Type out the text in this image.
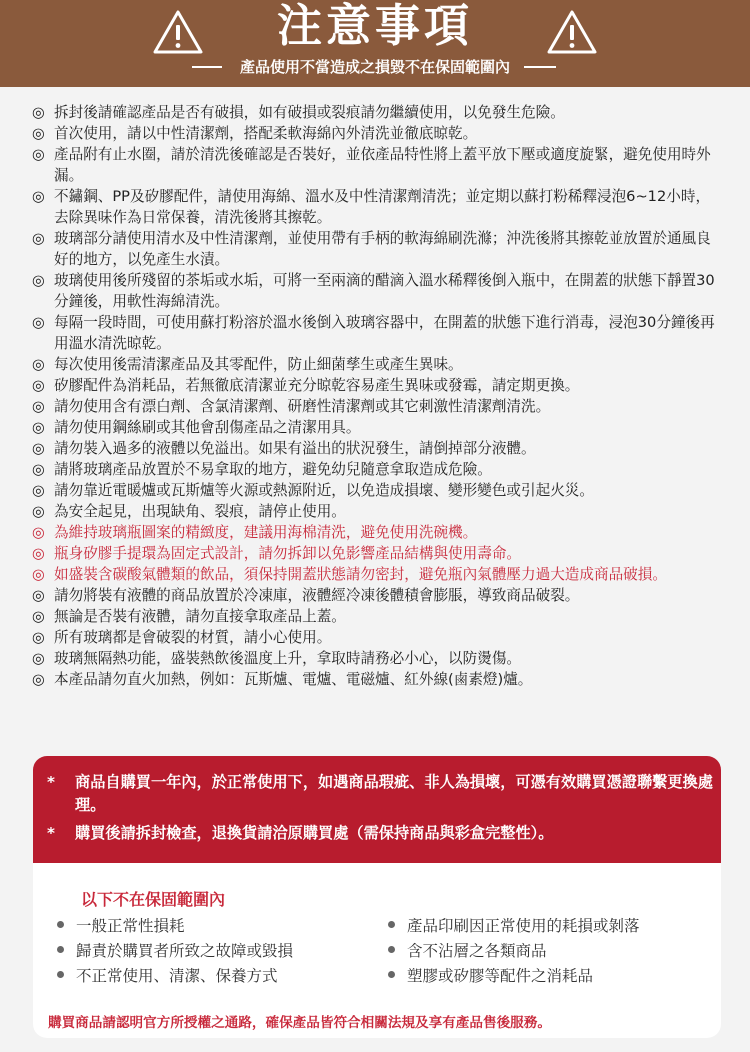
注意事項
產品使用不當造成之損毀不在保固範圍內

◎ 拆封後請確認產品是否有破損，如有破損或裂痕請勿繼續使用，以免發生危險。

◎ 首次使用，請以中性清潔劑，搭配柔軟海綿內外清洗並徹底晾乾。

◎ 產品附有止水圈，請於清洗後確認是否裝好，並依產品特性將上蓋平放下壓或適度旋緊，避免使用時外漏。

◎ 不鏽鋼、PP及矽膠配件，請使用海綿、溫水及中性清潔劑清洗；並定期以蘇打粉稀釋浸泡6~12小時，去除異味作為日常保養，清洗後將其擦乾。

◎ 玻璃部分請使用清水及中性清潔劑，並使用帶有手柄的軟海綿刷洗滌；沖洗後將其擦乾並放置於通風良好的地方，以免產生水漬。

◎ 玻璃使用後所殘留的茶垢或水垢，可將一至兩滴的醋滴入溫水稀釋後倒入瓶中，在開蓋的狀態下靜置30分鐘後，用軟性海綿清洗。

◎ 每隔一段時間，可使用蘇打粉溶於溫水後倒入玻璃容器中，在開蓋的狀態下進行消毒，浸泡30分鐘後再用溫水清洗晾乾。

◎ 每次使用後需清潔產品及其零配件，防止細菌孳生或產生異味。

◎ 矽膠配件為消耗品，若無徹底清潔並充分晾乾容易產生異味或發霉，請定期更換。

◎ 請勿使用含有漂白劑、含氯清潔劑、研磨性清潔劑或其它刺激性清潔劑清洗。

◎ 請勿使用鋼絲刷或其他會刮傷產品之清潔用具。

◎ 請勿裝入過多的液體以免溢出。如果有溢出的狀況發生，請倒掉部分液體。

◎ 請將玻璃產品放置於不易拿取的地方，避免幼兒隨意拿取造成危險。

◎ 請勿靠近電暖爐或瓦斯爐等火源或熱源附近，以免造成損壞、變形變色或引起火災。

◎ 為安全起見，出現缺角、裂痕，請停止使用。

◎ 為維持玻璃瓶圖案的精緻度，建議用海棉清洗，避免使用洗碗機。

◎ 瓶身矽膠手提環為固定式設計，請勿拆卸以免影響產品結構與使用壽命。

◎ 如盛裝含碳酸氣體類的飲品，須保持開蓋狀態請勿密封，避免瓶內氣體壓力過大造成商品破損。

◎ 請勿將裝有液體的商品放置於冷凍庫，液體經冷凍後體積會膨脹，導致商品破裂。

◎ 無論是否裝有液體，請勿直接拿取產品上蓋。

◎ 所有玻璃都是會破裂的材質，請小心使用。

◎ 玻璃無隔熱功能，盛裝熱飲後溫度上升，拿取時請務必小心，以防燙傷。

◎ 本產品請勿直火加熱，例如：瓦斯爐、電爐、電磁爐、紅外線(鹵素燈)爐。

* 商品自購買一年內，於正常使用下，如遇商品瑕疵、非人為損壞，可憑有效購買憑證聯繫更換處理。

* 購買後請拆封檢查，退換貨請洽原購買處（需保持商品與彩盒完整性）。

以下不在保固範圍內
一般正常性損耗
歸責於購買者所致之故障或毀損
不正常使用、清潔、保養方式
產品印刷因正常使用的耗損或剝落
含不沾層之各類商品
塑膠或矽膠等配件之消耗品
購買商品請認明官方所授權之通路，確保產品皆符合相關法規及享有產品售後服務。
